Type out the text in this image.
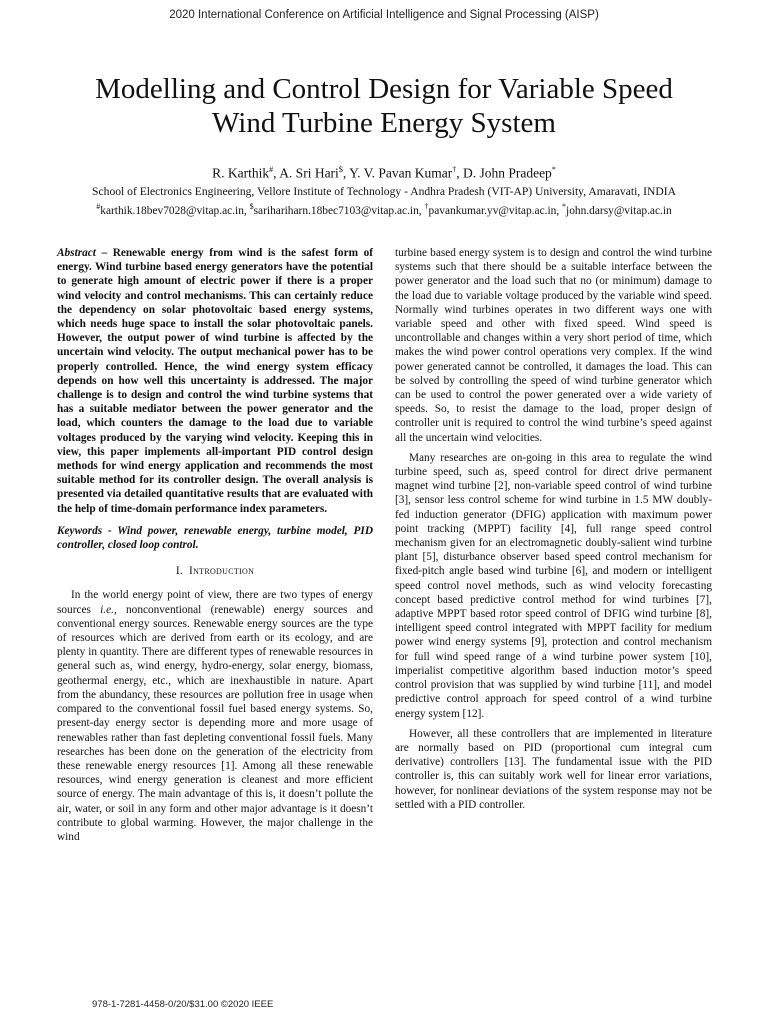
2020 International Conference on Artificial Intelligence and Signal Processing (AISP)
Modelling and Control Design for Variable Speed
Wind Turbine Energy System
R. Karthik#, A. Sri Hari$, Y. V. Pavan Kumar†, D. John Pradeep*
School of Electronics Engineering, Vellore Institute of Technology - Andhra Pradesh (VIT-AP) University, Amaravati, INDIA
#karthik.18bev7028@vitap.ac.in, $sarihariharn.18bec7103@vitap.ac.in, †pavankumar.yv@vitap.ac.in, *john.darsy@vitap.ac.in

Abstract – Renewable energy from wind is the safest form of energy. Wind turbine based energy generators have the potential to generate high amount of electric power if there is a proper wind velocity and control mechanisms. This can certainly reduce the dependency on solar photovoltaic based energy systems, which needs huge space to install the solar photovoltaic panels. However, the output power of wind turbine is affected by the uncertain wind velocity. The output mechanical power has to be properly controlled. Hence, the wind energy system efficacy depends on how well this uncertainty is addressed. The major challenge is to design and control the wind turbine systems that has a suitable mediator between the power generator and the load, which counters the damage to the load due to variable voltages produced by the varying wind velocity. Keeping this in view, this paper implements all-important PID control design methods for wind energy application and recommends the most suitable method for its controller design. The overall analysis is presented via detailed quantitative results that are evaluated with the help of time-domain performance index parameters.

Keywords - Wind power, renewable energy, turbine model, PID controller, closed loop control.

I. Introduction

In the world energy point of view, there are two types of energy sources i.e., nonconventional (renewable) energy sources and conventional energy sources. Renewable energy sources are the type of resources which are derived from earth or its ecology, and are plenty in quantity. There are different types of renewable resources in general such as, wind energy, hydro-energy, solar energy, biomass, geothermal energy, etc., which are inexhaustible in nature. Apart from the abundancy, these resources are pollution free in usage when compared to the conventional fossil fuel based energy systems. So, present-day energy sector is depending more and more usage of renewables rather than fast depleting conventional fossil fuels. Many researches has been done on the generation of the electricity from these renewable energy resources [1]. Among all these renewable resources, wind energy generation is cleanest and more efficient source of energy. The main advantage of this is, it doesn’t pollute the air, water, or soil in any form and other major advantage is it doesn’t contribute to global warming. However, the major challenge in the wind

turbine based energy system is to design and control the wind turbine systems such that there should be a suitable interface between the power generator and the load such that no (or minimum) damage to the load due to variable voltage produced by the variable wind speed. Normally wind turbines operates in two different ways one with variable speed and other with fixed speed. Wind speed is uncontrollable and changes within a very short period of time, which makes the wind power control operations very complex. If the wind power generated cannot be controlled, it damages the load. This can be solved by controlling the speed of wind turbine generator which can be used to control the power generated over a wide variety of speeds. So, to resist the damage to the load, proper design of controller unit is required to control the wind turbine’s speed against all the uncertain wind velocities.

Many researches are on-going in this area to regulate the wind turbine speed, such as, speed control for direct drive permanent magnet wind turbine [2], non-variable speed control of wind turbine [3], sensor less control scheme for wind turbine in 1.5 MW doubly-fed induction generator (DFIG) application with maximum power point tracking (MPPT) facility [4], full range speed control mechanism given for an electromagnetic doubly-salient wind turbine plant [5], disturbance observer based speed control mechanism for fixed-pitch angle based wind turbine [6], and modern or intelligent speed control novel methods, such as wind velocity forecasting concept based predictive control method for wind turbines [7], adaptive MPPT based rotor speed control of DFIG wind turbine [8], intelligent speed control integrated with MPPT facility for medium power wind energy systems [9], protection and control mechanism for full wind speed range of a wind turbine power system [10], imperialist competitive algorithm based induction motor’s speed control provision that was supplied by wind turbine [11], and model predictive control approach for speed control of a wind turbine energy system [12].

However, all these controllers that are implemented in literature are normally based on PID (proportional cum integral cum derivative) controllers [13]. The fundamental issue with the PID controller is, this can suitably work well for linear error variations, however, for nonlinear deviations of the system response may not be settled with a PID controller.

978-1-7281-4458-0/20/$31.00 ©2020 IEEE
